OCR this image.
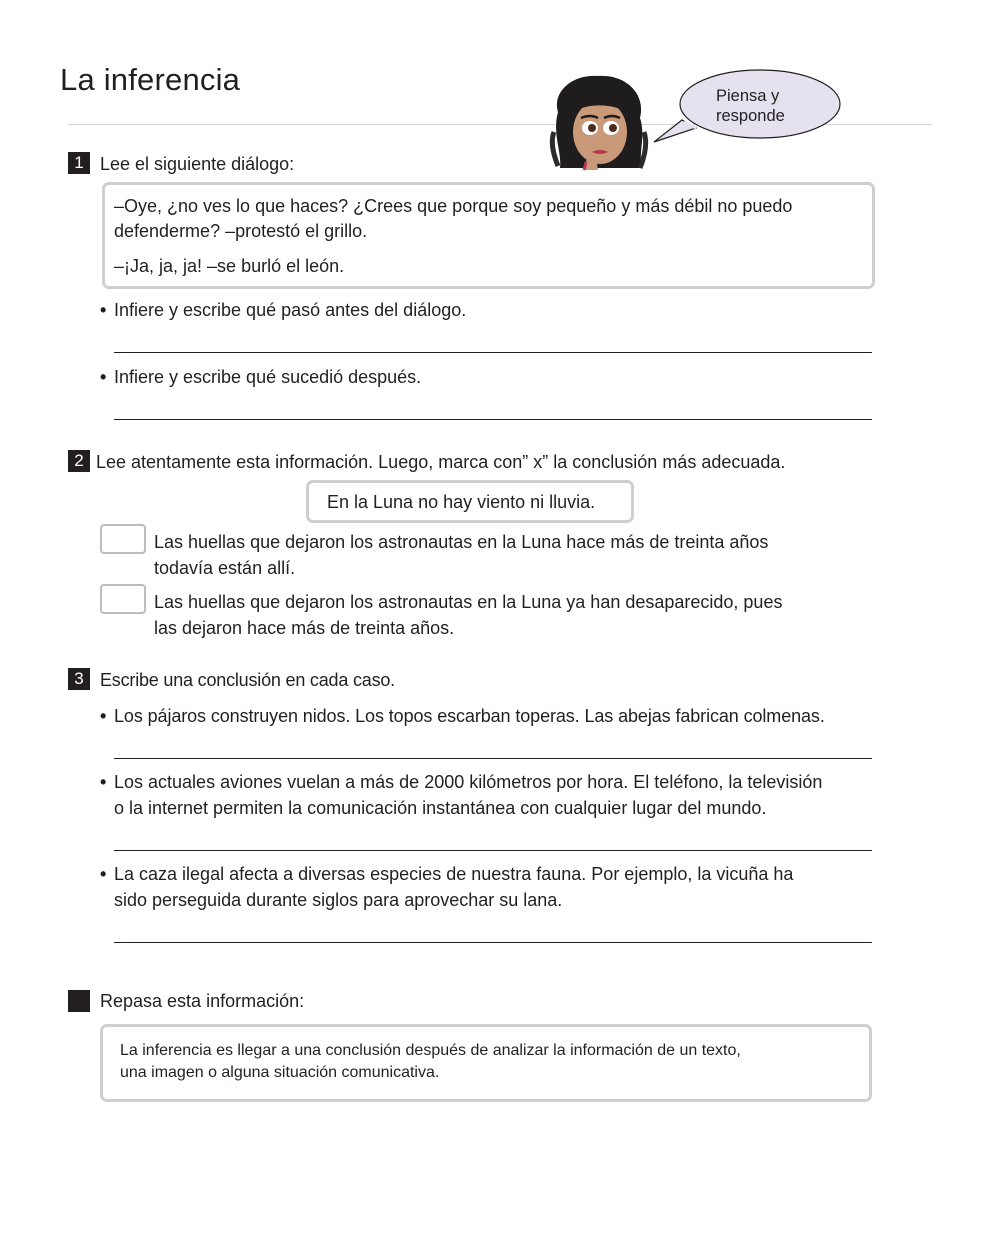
La inferencia	Piensa y
responde
1 Lee el siguiente diálogo:
–Oye, ¿no ves lo que haces? ¿Crees que porque soy pequeño y más débil no puedo
defenderme? –protestó el grillo.
–¡Ja, ja, ja! –se burló el león.
• Infiere y escribe qué pasó antes del diálogo.
• Infiere y escribe qué sucedió después.
2 Lee atentamente esta información. Luego, marca con” x” la conclusión más adecuada.
En la Luna no hay viento ni lluvia.
Las huellas que dejaron los astronautas en la Luna hace más de treinta años
todavía están allí.
Las huellas que dejaron los astronautas en la Luna ya han desaparecido, pues
las dejaron hace más de treinta años.
3 Escribe una conclusión en cada caso.
• Los pájaros construyen nidos. Los topos escarban toperas. Las abejas fabrican colmenas.
• Los actuales aviones vuelan a más de 2000 kilómetros por hora. El teléfono, la televisión
o la internet permiten la comunicación instantánea con cualquier lugar del mundo.
• La caza ilegal afecta a diversas especies de nuestra fauna. Por ejemplo, la vicuña ha
sido perseguida durante siglos para aprovechar su lana.
Repasa esta información:
La inferencia es llegar a una conclusión después de analizar la información de un texto,
una imagen o alguna situación comunicativa.
